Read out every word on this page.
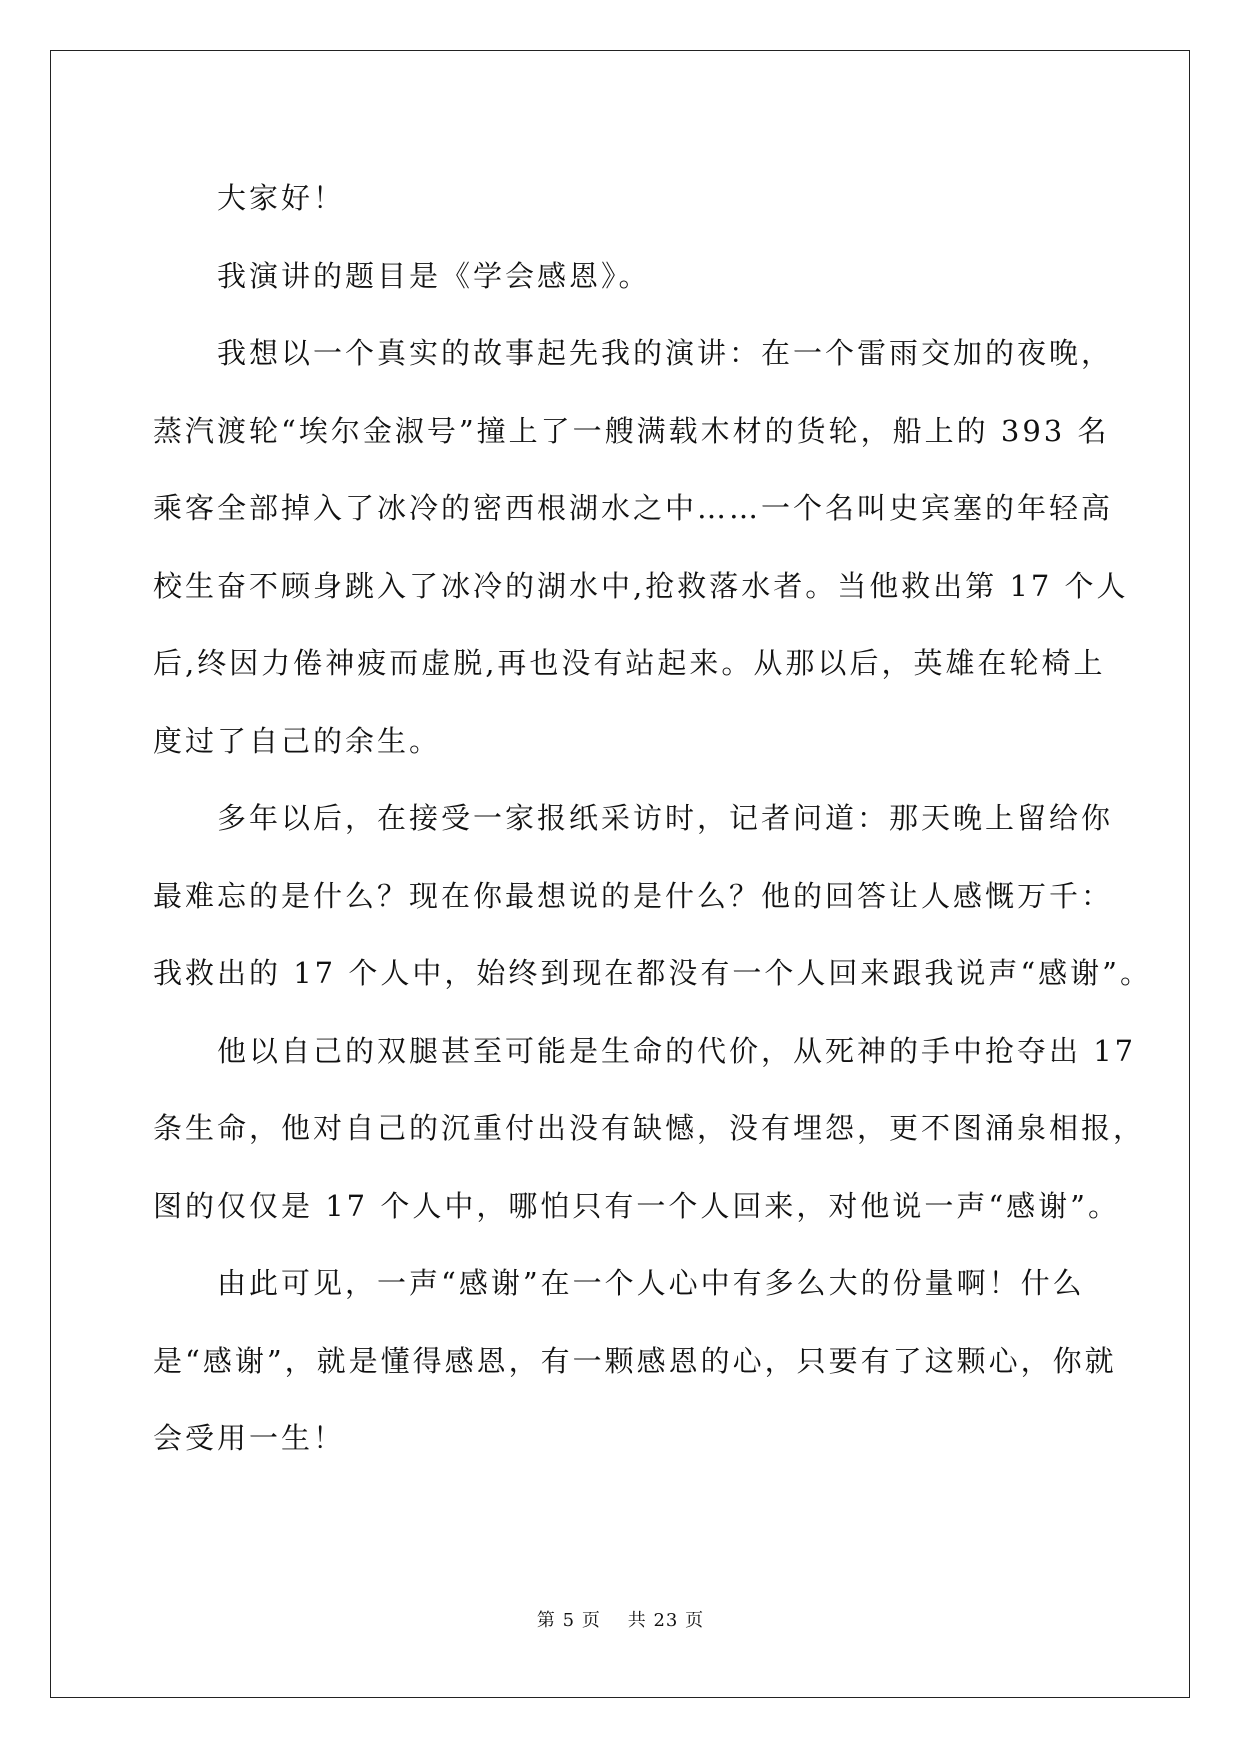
大家好！

我演讲的题目是《学会感恩》。

我想以一个真实的故事起先我的演讲：在一个雷雨交加的夜晚，
蒸汽渡轮“埃尔金淑号”撞上了一艘满载木材的货轮，船上的 393 名
乘客全部掉入了冰冷的密西根湖水之中……一个名叫史宾塞的年轻高
校生奋不顾身跳入了冰冷的湖水中,抢救落水者。当他救出第 17 个人
后,终因力倦神疲而虚脱,再也没有站起来。从那以后，英雄在轮椅上
度过了自己的余生。

多年以后，在接受一家报纸采访时，记者问道：那天晚上留给你
最难忘的是什么？现在你最想说的是什么？他的回答让人感慨万千：
我救出的 17 个人中，始终到现在都没有一个人回来跟我说声“感谢”。

他以自己的双腿甚至可能是生命的代价，从死神的手中抢夺出 17
条生命，他对自己的沉重付出没有缺憾，没有埋怨，更不图涌泉相报，
图的仅仅是 17 个人中，哪怕只有一个人回来，对他说一声“感谢”。

由此可见，一声“感谢”在一个人心中有多么大的份量啊！什么
是“感谢”，就是懂得感恩，有一颗感恩的心，只要有了这颗心，你就
会受用一生！

第 5 页 共 23 页
